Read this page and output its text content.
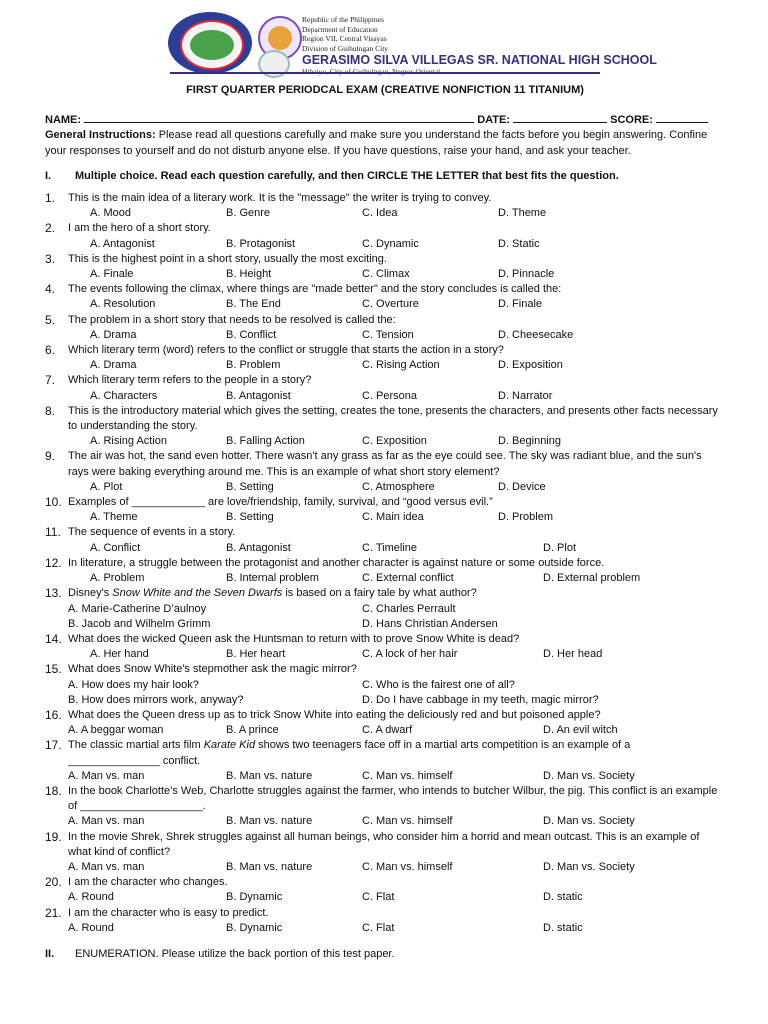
Republic of the Philippines
Department of Education
Region VII, Central Visayas
Division of Guihulngan City
GERASIMO SILVA VILLEGAS SR. NATIONAL HIGH SCHOOL
FIRST QUARTER PERIODCAL EXAM (CREATIVE NONFICTION 11 TITANIUM)
NAME:	DATE:	SCORE:

General Instructions: Please read all questions carefully and make sure you understand the facts before you begin answering. Confine your responses to yourself and do not disturb anyone else. If you have questions, raise your hand, and ask your teacher.

I.	Multiple choice. Read each question carefully, and then CIRCLE THE LETTER that best fits the question.
1.	This is the main idea of a literary work. It is the "message" the writer is trying to convey.
A. Mood	B. Genre	C. Idea	D. Theme
2.	I am the hero of a short story.
A. Antagonist	B. Protagonist	C. Dynamic	D. Static
3.	This is the highest point in a short story, usually the most exciting.
A. Finale	B. Height	C. Climax	D. Pinnacle
4.	The events following the climax, where things are "made better" and the story concludes is called the:
A. Resolution	B. The End	C. Overture	D. Finale
5.	The problem in a short story that needs to be resolved is called the:
A. Drama	B. Conflict	C. Tension	D. Cheesecake
6.	Which literary term (word) refers to the conflict or struggle that starts the action in a story?
A. Drama	B. Problem	C. Rising Action	D. Exposition
7.	Which literary term refers to the people in a story?
A. Characters	B. Antagonist	C. Persona	D. Narrator
8.	This is the introductory material which gives the setting, creates the tone, presents the characters, and presents other facts necessary to understanding the story.
A. Rising Action	B. Falling Action	C. Exposition	D. Beginning
9.	The air was hot, the sand even hotter. There wasn't any grass as far as the eye could see. The sky was radiant blue, and the sun's rays were baking everything around me. This is an example of what short story element?
A. Plot	B. Setting	C. Atmosphere	D. Device
10. Examples of ____________ are love/friendship, family, survival, and “good versus evil.”
A. Theme	B. Setting	C. Main idea	D. Problem
11. The sequence of events in a story.
A. Conflict	B. Antagonist	C. Timeline	D. Plot
12. In literature, a struggle between the protagonist and another character is against nature or some outside force.
A. Problem	B. Internal problem	C. External conflict	D. External problem
13. Disney's Snow White and the Seven Dwarfs is based on a fairy tale by what author?
A. Marie-Catherine D’aulnoy	C. Charles Perrault
B. Jacob and Wilhelm Grimm	D. Hans Christian Andersen
14. What does the wicked Queen ask the Huntsman to return with to prove Snow White is dead?
A. Her hand	B. Her heart	C. A lock of her hair	D. Her head
15. What does Snow White's stepmother ask the magic mirror?
A. How does my hair look?	C. Who is the fairest one of all?
B. How does mirrors work, anyway?	D. Do I have cabbage in my teeth, magic mirror?
16. What does the Queen dress up as to trick Snow White into eating the deliciously red and but poisoned apple?
A. A beggar woman	B. A prince	C. A dwarf	D. An evil witch
17. The classic martial arts film Karate Kid shows two teenagers face off in a martial arts competition is an example of a _______________ conflict.
A. Man vs. man	B. Man vs. nature	C. Man vs. himself	D. Man vs. Society
18. In the book Charlotte’s Web, Charlotte struggles against the farmer, who intends to butcher Wilbur, the pig. This conflict is an example of ____________________.
A. Man vs. man	B. Man vs. nature	C. Man vs. himself	D. Man vs. Society
19. In the movie Shrek, Shrek struggles against all human beings, who consider him a horrid and mean outcast. This is an example of what kind of conflict?
A. Man vs. man	B. Man vs. nature	C. Man vs. himself	D. Man vs. Society
20. I am the character who changes.
A. Round	B. Dynamic	C. Flat	D. static
21. I am the character who is easy to predict.
A. Round	B. Dynamic	C. Flat	D. static
II.	ENUMERATION. Please utilize the back portion of this test paper.
